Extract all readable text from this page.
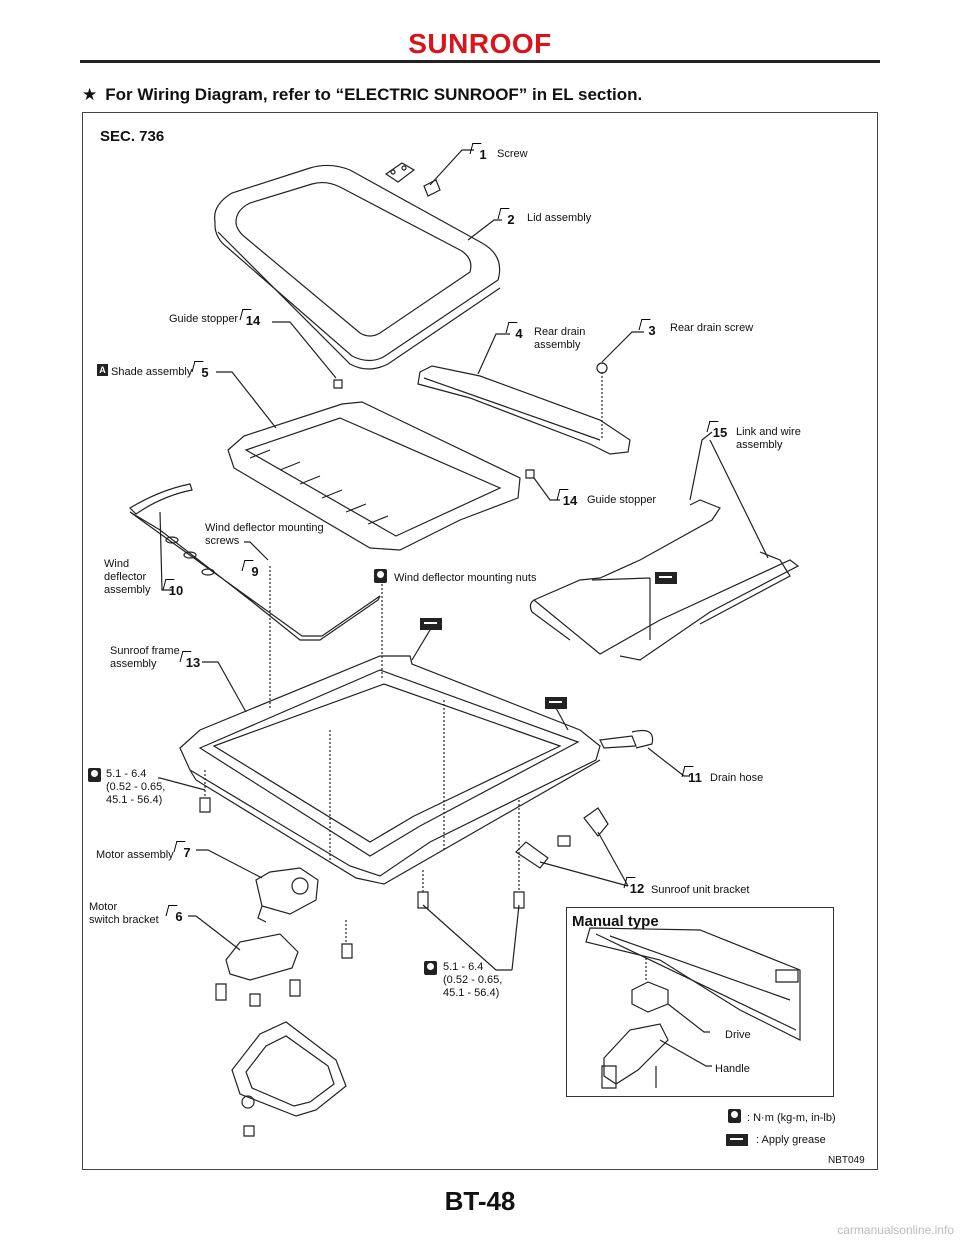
SUNROOF
★ For Wiring Diagram, refer to “ELECTRIC SUNROOF” in EL section.
SEC. 736
1 Screw
2	Lid assembly
Guide stopper 14
4	Rear drain
assembly
3	Rear drain screw
A Shade assembly 5
15 Link and wire
assembly
14 Guide stopper
Wind deflector mounting
screws
9	Wind deflector mounting nuts
Wind
deflector
assembly 10
Sunroof frame
assembly	13
11 Drain hose
5.1 - 6.4
(0.52 - 0.65,
45.1 - 56.4)
Motor assembly 7
12 Sunroof unit bracket
Motor
switch bracket	6
5.1 - 6.4
(0.52 - 0.65,
45.1 - 56.4)
Manual type
Drive
Handle
: N·m (kg-m, in-lb)
: Apply grease
NBT049
BT-48
carmanualsonline.info
